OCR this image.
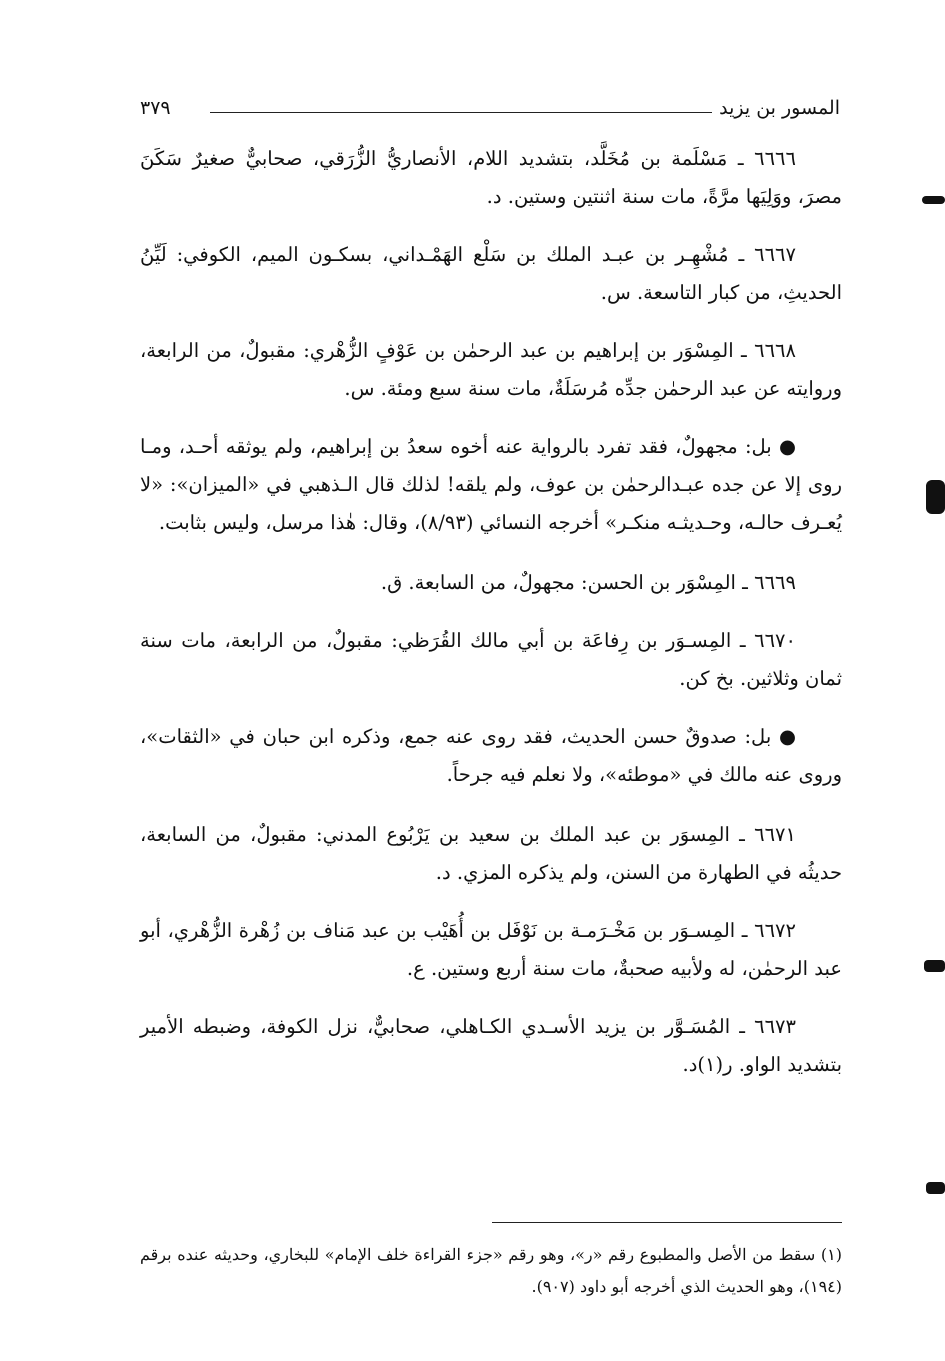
المسور بن يزيد
٣٧٩

٦٦٦٦ ـ مَسْلَمة بن مُخَلَّد، بتشديد اللام، الأنصاريُّ الزُّرَقي، صحابيٌّ صغيرٌ سَكَنَ مصرَ، ووَلِيَها مرَّةً، مات سنة اثنتين وستين. د.

٦٦٦٧ ـ مُشْهِـر بن عبـد الملك بن سَلْع الهَمْـداني، بسكـون الميم، الكوفي: لَيِّنُ الحديثِ، من كبار التاسعة. س.

٦٦٦٨ ـ المِسْوَر بن إبراهيم بن عبد الرحمٰن بن عَوْفٍ الزُّهْري: مقبولٌ، من الرابعة، وروايته عن عبد الرحمٰن جدِّه مُرسَلَةٌ، مات سنة سبع ومئة. س.

● بل: مجهولٌ، فقد تفرد بالرواية عنه أخوه سعدُ بن إبراهيم، ولم يوثقه أحـد، ومـا روى إلا عن جده عبـدالرحمٰن بن عوف، ولم يلقه! لذلك قال الـذهبي في «الميزان»: «لا يُعـرف حالـه، وحـديثـه منكـر» أخرجه النسائي (٨/٩٣)، وقال: هٰذا مرسل، وليس بثابت.

٦٦٦٩ ـ المِسْوَر بن الحسن: مجهولٌ، من السابعة. ق.

٦٦٧٠ ـ المِسـوَر بن رِفاعَة بن أبي مالك القُرَظي: مقبولٌ، من الرابعة، مات سنة ثمان وثلاثين. بخ كن.

● بل: صدوقٌ حسن الحديث، فقد روى عنه جمع، وذكره ابن حبان في «الثقات»، وروى عنه مالك في «موطئه»، ولا نعلم فيه جرحاً.

٦٦٧١ ـ المِسوَر بن عبد الملك بن سعيد بن يَرْبُوع المدني: مقبولٌ، من السابعة، حديثُه في الطهارة من السنن، ولم يذكره المزي. د.

٦٦٧٢ ـ المِسـوَر بن مَخْـرَمـة بن نَوْفَل بن أُهَيْب بن عبد مَناف بن زُهْرة الزُّهْري، أبو عبد الرحمٰن، له ولأبيه صحبةٌ، مات سنة أربع وستين. ع.

٦٦٧٣ ـ المُسَـوَّر بن يزيد الأسـدي الكـاهلي، صحابيٌّ، نزل الكوفة، وضبطه الأمير بتشديد الواو. ر(١)د.

(١) سقط من الأصل والمطبوع رقم «ر»، وهو رقم «جزء القراءة خلف الإمام» للبخاري، وحديثه عنده برقم (١٩٤)، وهو الحديث الذي أخرجه أبو داود (٩٠٧).
